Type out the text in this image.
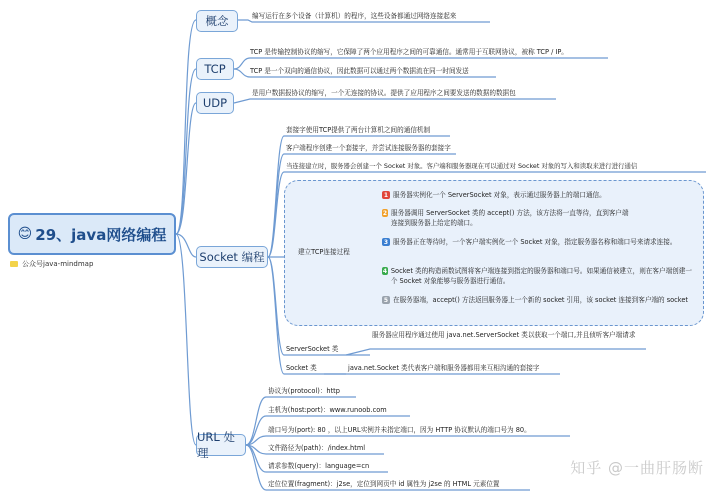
😊 29、java网络编程
公众号java-mindmap
概念
TCP
UDP
Socket 编程
URL 处理
编写运行在多个设备（计算机）的程序，这些设备都通过网络连接起来
TCP 是传输控制协议的缩写，它保障了两个应用程序之间的可靠通信。通常用于互联网协议，被称 TCP / IP。
TCP 是一个双向的通信协议，因此数据可以通过两个数据流在同一时间发送
是用户数据报协议的缩写，一个无连接的协议。提供了应用程序之间要发送的数据的数据包
套接字使用TCP提供了两台计算机之间的通信机制
客户端程序创建一个套接字，并尝试连接服务器的套接字
当连接建立时，服务器会创建一个 Socket 对象。客户端和服务器现在可以通过对 Socket 对象的写入和读取来进行进行通信
建立TCP连接过程
1 服务器实例化一个 ServerSocket 对象，表示通过服务器上的端口通信。
2 服务器调用 ServerSocket 类的 accept() 方法，该方法将一直等待，直到客户端连接到服务器上给定的端口。
3 服务器正在等待时，一个客户端实例化一个 Socket 对象，指定服务器名称和端口号来请求连接。
4 Socket 类的构造函数试图将客户端连接到指定的服务器和端口号。如果通信被建立，则在客户端创建一个 Socket 对象能够与服务器进行通信。
5 在服务器端，accept() 方法返回服务器上一个新的 socket 引用，该 socket 连接到客户端的 socket
ServerSocket 类
服务器应用程序通过使用 java.net.ServerSocket 类以获取一个端口,并且侦听客户端请求
Socket 类	java.net.Socket 类代表客户端和服务器都用来互相沟通的套接字
协议为(protocol)：http
主机为(host:port)：www.runoob.com
端口号为(port): 80 ，以上URL实例并未指定端口，因为 HTTP 协议默认的端口号为 80。
文件路径为(path)：/index.html
请求参数(query)：language=cn
定位位置(fragment)：j2se，定位到网页中 id 属性为 j2se 的 HTML 元素位置
知乎 @一曲肝肠断
